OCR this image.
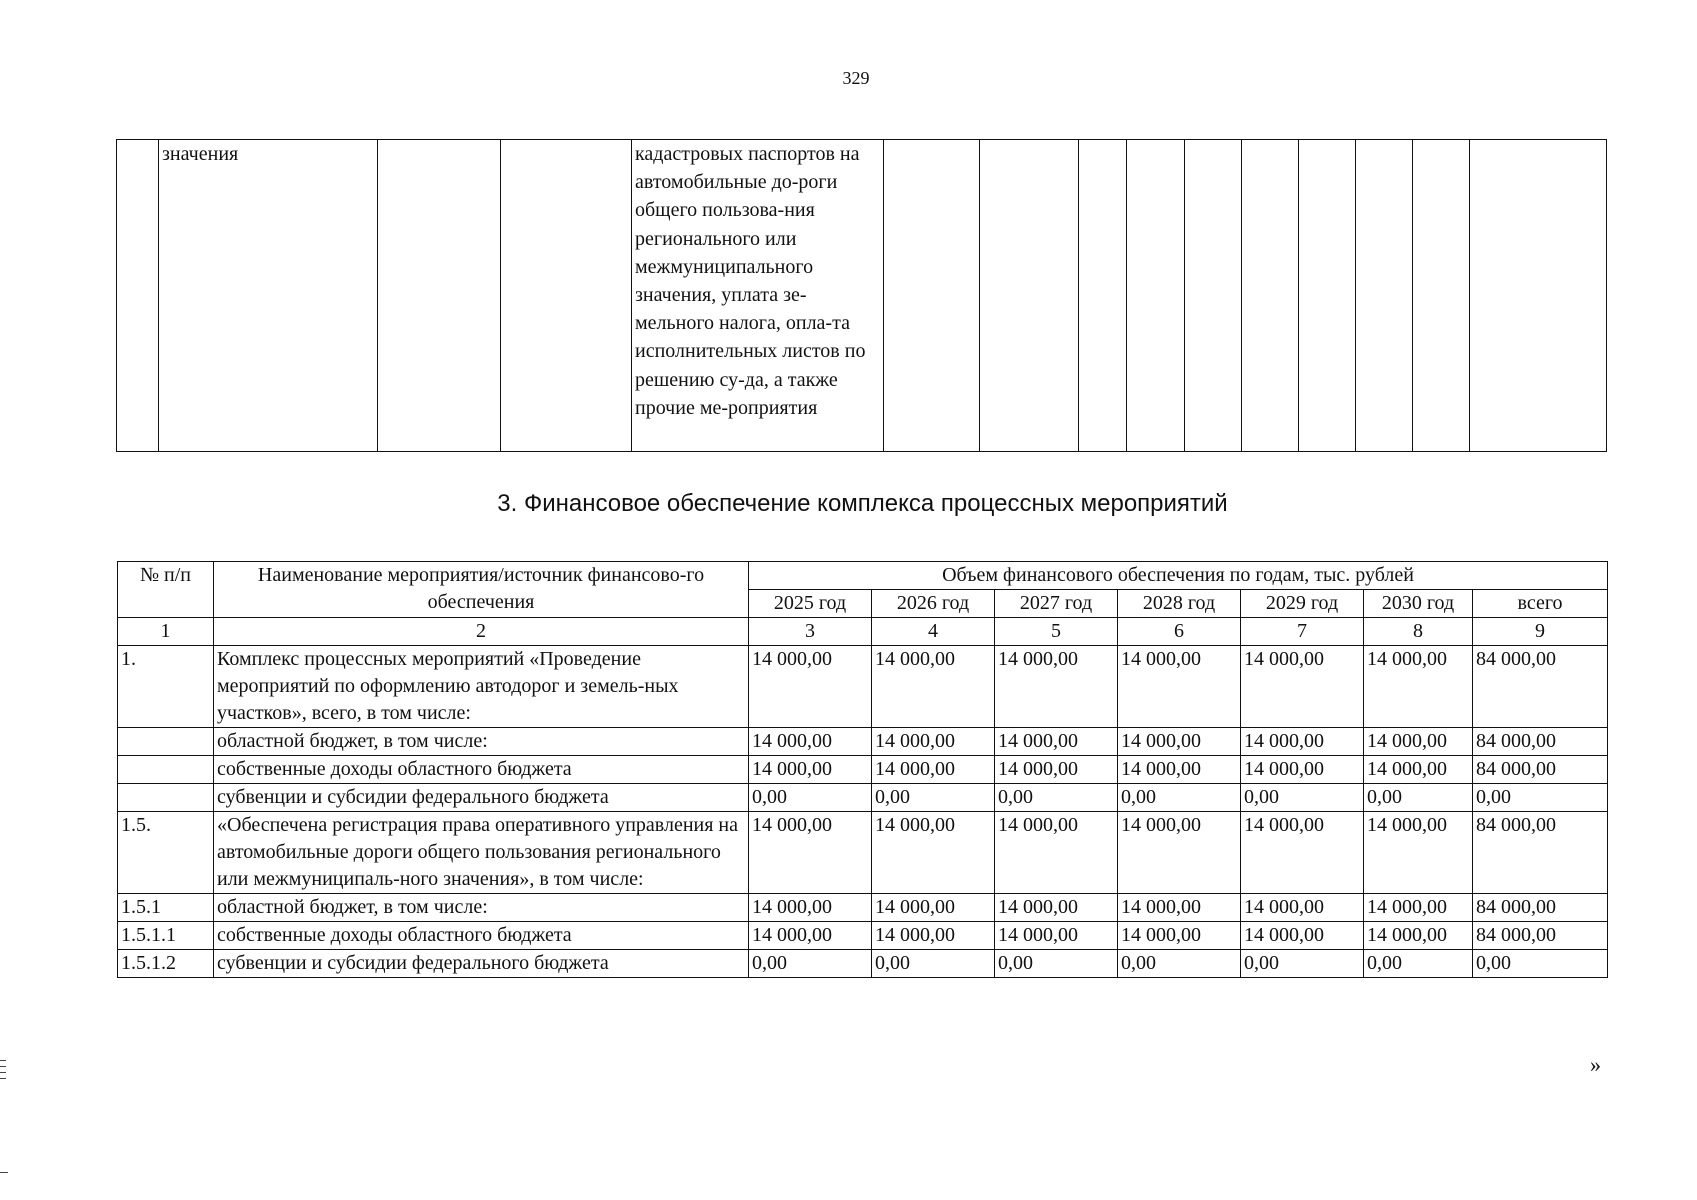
329
	значения			кадастровых паспортов на автомобильные до-роги общего пользова-ния регионального или межмуниципального значения, уплата зе-мельного налога, опла-та исполнительных листов по решению су-да, а также прочие ме-роприятия										
3. Финансовое обеспечение комплекса процессных мероприятий
№ п/п	Наименование мероприятия/источник финансово-го обеспечения	Объем финансового обеспечения по годам, тыс. рублей						
		2025 год	2026 год	2027 год	2028 год	2029 год	2030 год	всего
1	2	3	4	5	6	7	8	9
1.	Комплекс процессных мероприятий «Проведение мероприятий по оформлению автодорог и земель-ных участков», всего, в том числе:	14 000,00	14 000,00	14 000,00	14 000,00	14 000,00	14 000,00	84 000,00
	областной бюджет, в том числе:	14 000,00	14 000,00	14 000,00	14 000,00	14 000,00	14 000,00	84 000,00
	собственные доходы областного бюджета	14 000,00	14 000,00	14 000,00	14 000,00	14 000,00	14 000,00	84 000,00
	субвенции и субсидии федерального бюджета	0,00	0,00	0,00	0,00	0,00	0,00	0,00
1.5.	«Обеспечена регистрация права оперативного управления на автомобильные дороги общего пользования регионального или межмуниципаль-ного значения», в том числе:	14 000,00	14 000,00	14 000,00	14 000,00	14 000,00	14 000,00	84 000,00
1.5.1	областной бюджет, в том числе:	14 000,00	14 000,00	14 000,00	14 000,00	14 000,00	14 000,00	84 000,00
1.5.1.1	собственные доходы областного бюджета	14 000,00	14 000,00	14 000,00	14 000,00	14 000,00	14 000,00	84 000,00
1.5.1.2	субвенции и субсидии федерального бюджета	0,00	0,00	0,00	0,00	0,00	0,00	0,00
»
